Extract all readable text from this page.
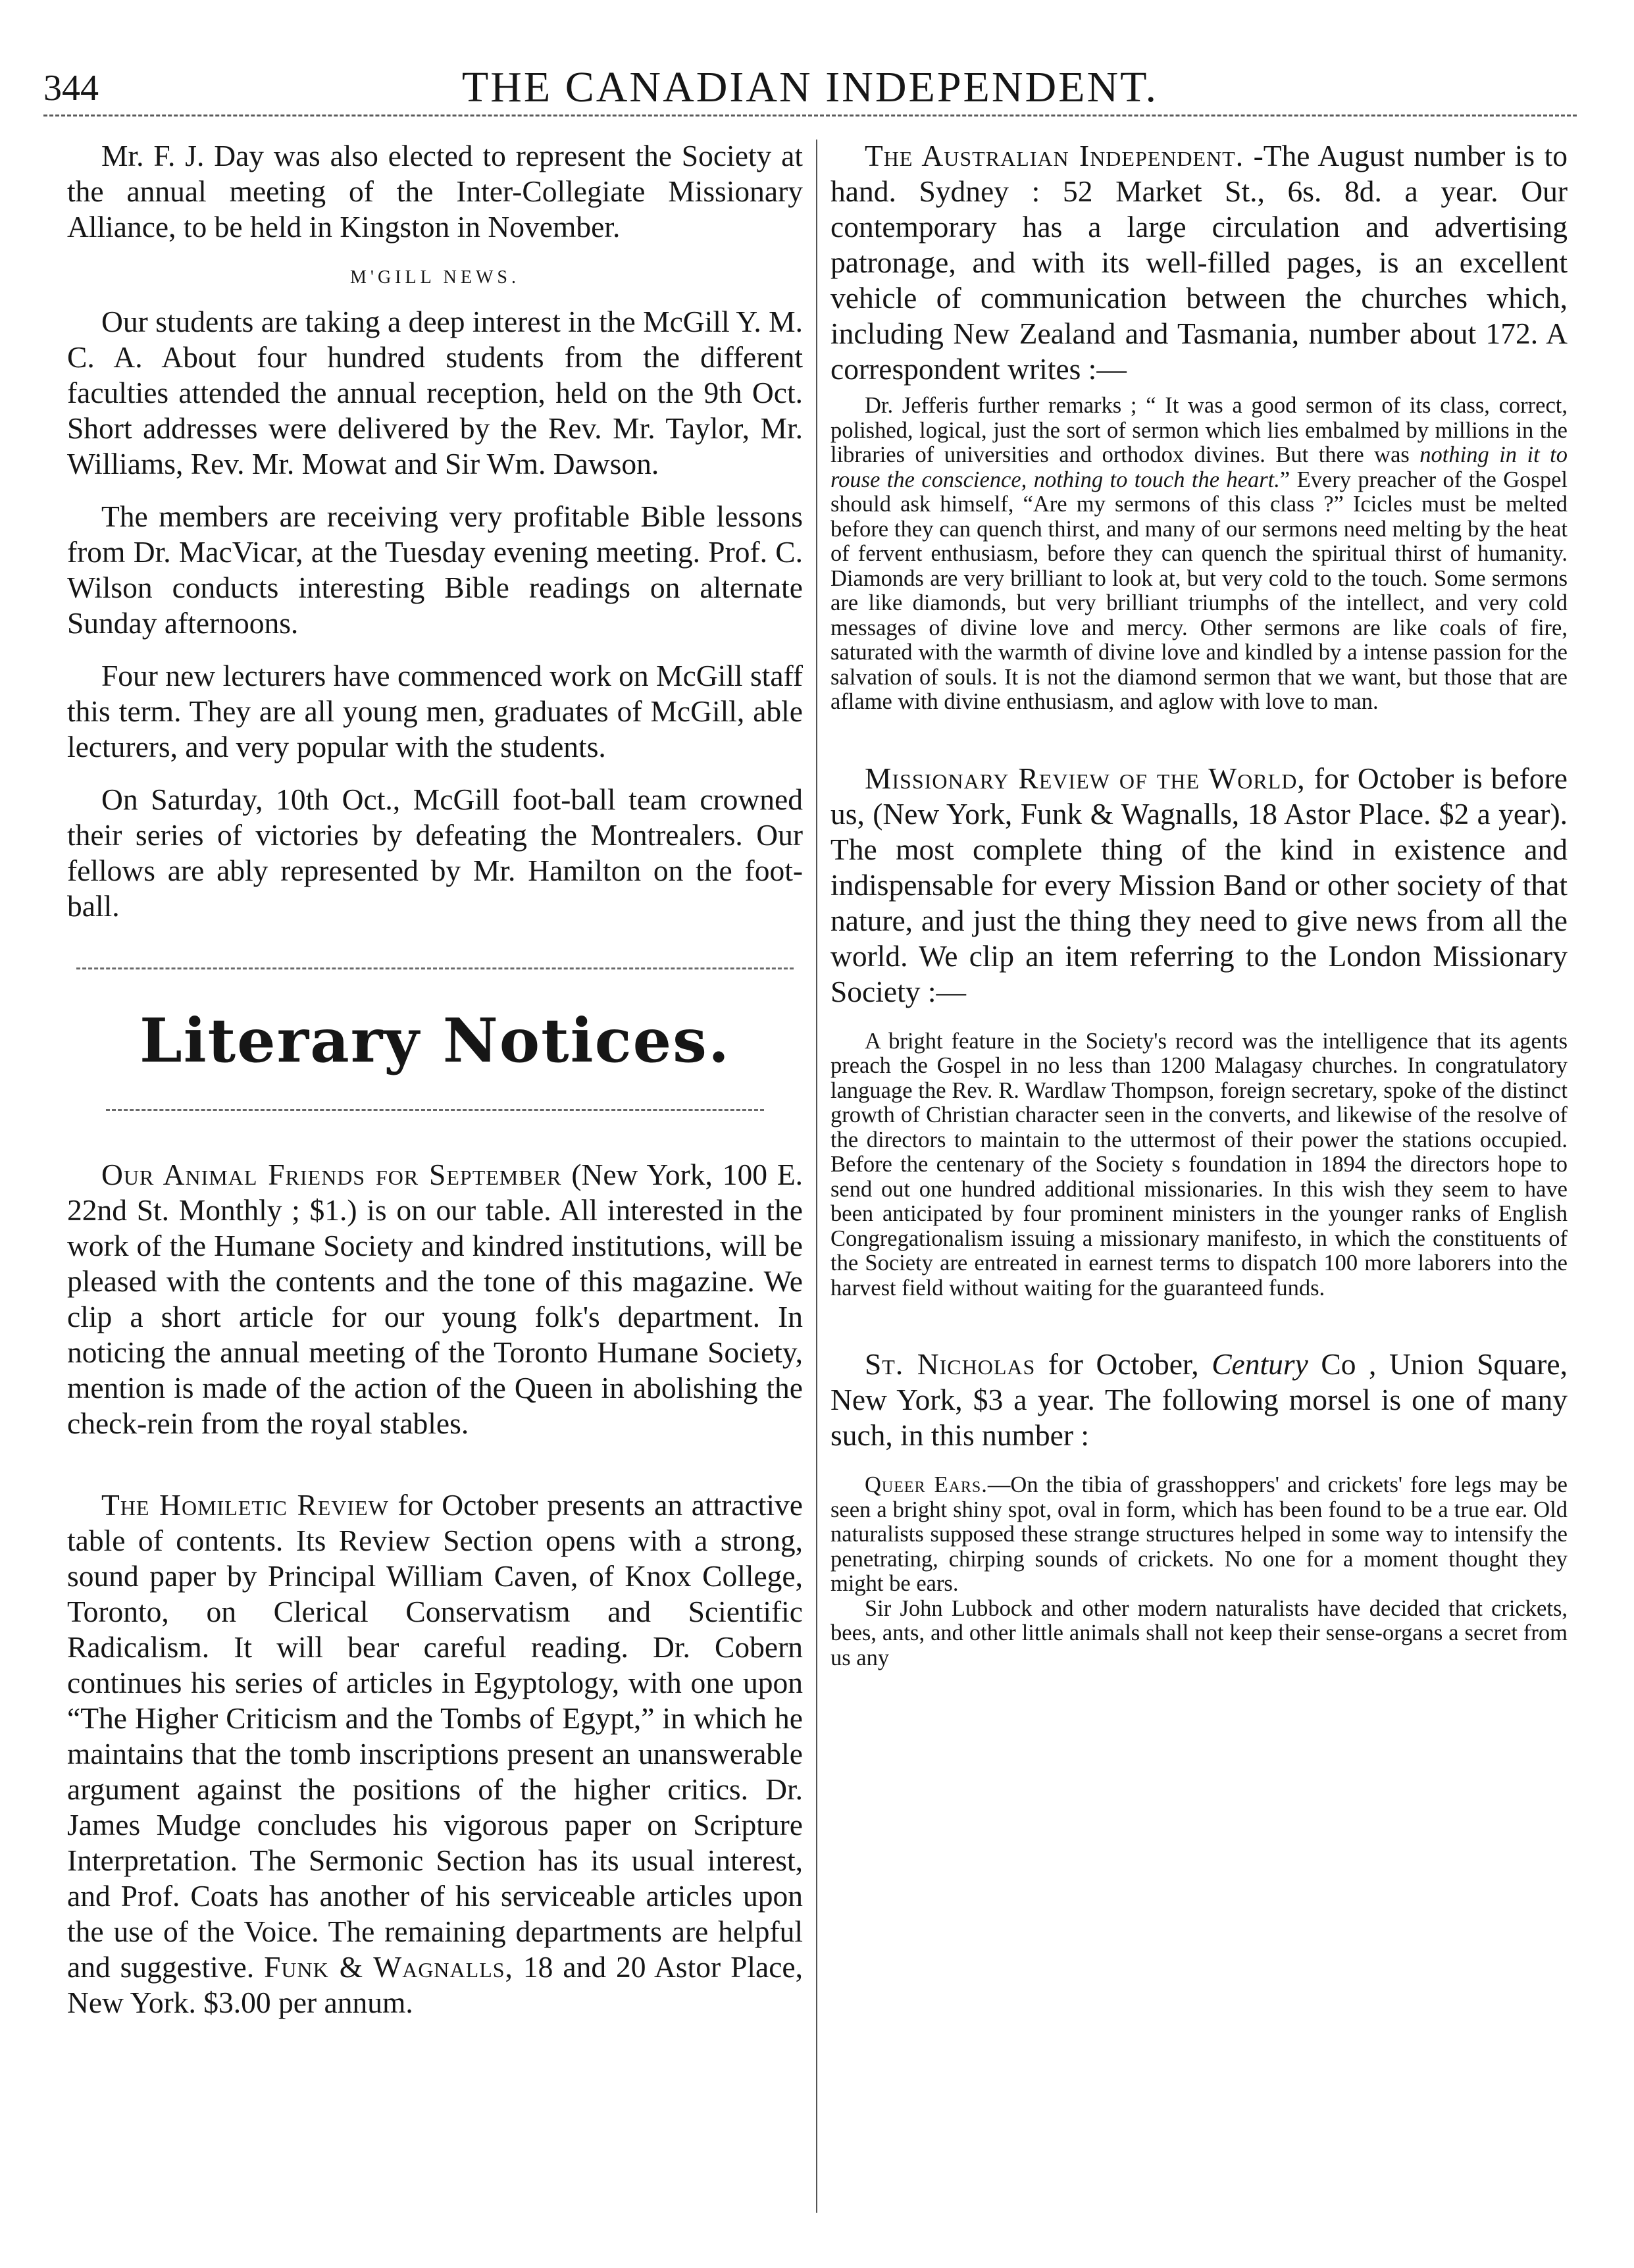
344	THE CANADIAN INDEPENDENT.

Mr. F. J. Day was also elected to represent the Society at the annual meeting of the Inter-Collegiate Missionary Alliance, to be held in Kingston in November.

M'GILL NEWS.

Our students are taking a deep interest in the McGill Y. M. C. A. About four hundred students from the different faculties attended the annual reception, held on the 9th Oct. Short addresses were delivered by the Rev. Mr. Taylor, Mr. Williams, Rev. Mr. Mowat and Sir Wm. Dawson.

The members are receiving very profitable Bible lessons from Dr. MacVicar, at the Tuesday evening meeting. Prof. C. Wilson conducts interesting Bible readings on alternate Sunday afternoons.

Four new lecturers have commenced work on McGill staff this term. They are all young men, graduates of McGill, able lecturers, and very popular with the students.

On Saturday, 10th Oct., McGill foot-ball team crowned their series of victories by defeating the Montrealers. Our fellows are ably represented by Mr. Hamilton on the foot-ball.

Literary Notices.

Our Animal Friends for September (New York, 100 E. 22nd St. Monthly ; $1.) is on our table. All interested in the work of the Humane Society and kindred institutions, will be pleased with the contents and the tone of this magazine. We clip a short article for our young folk's department. In noticing the annual meeting of the Toronto Humane Society, mention is made of the action of the Queen in abolishing the check-rein from the royal stables.

The Homiletic Review for October presents an attractive table of contents. Its Review Section opens with a strong, sound paper by Principal William Caven, of Knox College, Toronto, on Clerical Conservatism and Scientific Radicalism. It will bear careful reading. Dr. Cobern continues his series of articles in Egyptology, with one upon “The Higher Criticism and the Tombs of Egypt,” in which he maintains that the tomb inscriptions present an unanswerable argument against the positions of the higher critics. Dr. James Mudge concludes his vigorous paper on Scripture Interpretation. The Sermonic Section has its usual interest, and Prof. Coats has another of his serviceable articles upon the use of the Voice. The remaining departments are helpful and suggestive. Funk & Wagnalls, 18 and 20 Astor Place, New York. $3.00 per annum.

The Australian Independent. -The August number is to hand. Sydney : 52 Market St., 6s. 8d. a year. Our contemporary has a large circulation and advertising patronage, and with its well-filled pages, is an excellent vehicle of communication between the churches which, including New Zealand and Tasmania, number about 172. A correspondent writes :—

Dr. Jefferis further remarks ; “ It was a good sermon of its class, correct, polished, logical, just the sort of sermon which lies embalmed by millions in the libraries of universities and orthodox divines. But there was nothing in it to rouse the conscience, nothing to touch the heart.” Every preacher of the Gospel should ask himself, “Are my sermons of this class ?” Icicles must be melted before they can quench thirst, and many of our sermons need melting by the heat of fervent enthusiasm, before they can quench the spiritual thirst of humanity. Diamonds are very brilliant to look at, but very cold to the touch. Some sermons are like diamonds, but very brilliant triumphs of the intellect, and very cold messages of divine love and mercy. Other sermons are like coals of fire, saturated with the warmth of divine love and kindled by a intense passion for the salvation of souls. It is not the diamond sermon that we want, but those that are aflame with divine enthusiasm, and aglow with love to man.

Missionary Review of the World, for October is before us, (New York, Funk & Wagnalls, 18 Astor Place. $2 a year). The most complete thing of the kind in existence and indispensable for every Mission Band or other society of that nature, and just the thing they need to give news from all the world. We clip an item referring to the London Missionary Society :—

A bright feature in the Society's record was the intelligence that its agents preach the Gospel in no less than 1200 Malagasy churches. In congratulatory language the Rev. R. Wardlaw Thompson, foreign secretary, spoke of the distinct growth of Christian character seen in the converts, and likewise of the resolve of the directors to maintain to the uttermost of their power the stations occupied. Before the centenary of the Society s foundation in 1894 the directors hope to send out one hundred additional missionaries. In this wish they seem to have been anticipated by four prominent ministers in the younger ranks of English Congregationalism issuing a missionary manifesto, in which the constituents of the Society are entreated in earnest terms to dispatch 100 more laborers into the harvest field without waiting for the guaranteed funds.

St. Nicholas for October, Century Co , Union Square, New York, $3 a year. The following morsel is one of many such, in this number :

Queer Ears.—On the tibia of grasshoppers' and crickets' fore legs may be seen a bright shiny spot, oval in form, which has been found to be a true ear. Old naturalists supposed these strange structures helped in some way to intensify the penetrating, chirping sounds of crickets. No one for a moment thought they might be ears.

Sir John Lubbock and other modern naturalists have decided that crickets, bees, ants, and other little animals shall not keep their sense-organs a secret from us any
